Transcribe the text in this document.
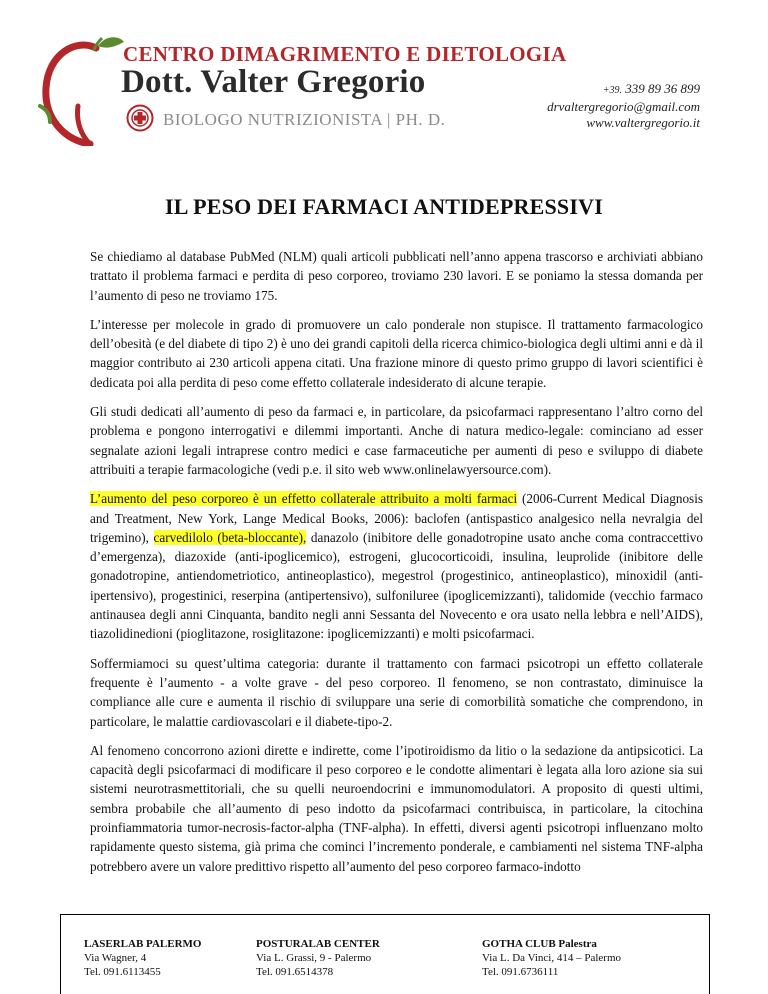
CENTRO DIMAGRIMENTO E DIETOLOGIA
Dott. Valter Gregorio
BIOLOGO NUTRIZIONISTA | PH. D.
+39. 339 89 36 899
drvaltergregorio@gmail.com
www.valtergregorio.it
IL PESO DEI FARMACI ANTIDEPRESSIVI

Se chiediamo al database PubMed (NLM) quali articoli pubblicati nell’anno appena trascorso e archiviati abbiano trattato il problema farmaci e perdita di peso corporeo, troviamo 230 lavori. E se poniamo la stessa domanda per l’aumento di peso ne troviamo 175.

L’interesse per molecole in grado di promuovere un calo ponderale non stupisce. Il trattamento farmacologico dell’obesità (e del diabete di tipo 2) è uno dei grandi capitoli della ricerca chimico-biologica degli ultimi anni e dà il maggior contributo ai 230 articoli appena citati. Una frazione minore di questo primo gruppo di lavori scientifici è dedicata poi alla perdita di peso come effetto collaterale indesiderato di alcune terapie.

Gli studi dedicati all’aumento di peso da farmaci e, in particolare, da psicofarmaci rappresentano l’altro corno del problema e pongono interrogativi e dilemmi importanti. Anche di natura medico-legale: cominciano ad esser segnalate azioni legali intraprese contro medici e case farmaceutiche per aumenti di peso e sviluppo di diabete attribuiti a terapie farmacologiche (vedi p.e. il sito web www.onlinelawyersource.com).

L’aumento del peso corporeo è un effetto collaterale attribuito a molti farmaci (2006-Current Medical Diagnosis and Treatment, New York, Lange Medical Books, 2006): baclofen (antispastico analgesico nella nevralgia del trigemino), carvedilolo (beta-bloccante), danazolo (inibitore delle gonadotropine usato anche coma contraccettivo d’emergenza), diazoxide (anti-ipoglicemico), estrogeni, glucocorticoidi, insulina, leuprolide (inibitore delle gonadotropine, antiendometriotico, antineoplastico), megestrol (progestinico, antineoplastico), minoxidil (anti-ipertensivo), progestinici, reserpina (antipertensivo), sulfoniluree (ipoglicemizzanti), talidomide (vecchio farmaco antinausea degli anni Cinquanta, bandito negli anni Sessanta del Novecento e ora usato nella lebbra e nell’AIDS), tiazolidinedioni (pioglitazone, rosiglitazone: ipoglicemizzanti) e molti psicofarmaci.

Soffermiamoci su quest’ultima categoria: durante il trattamento con farmaci psicotropi un effetto collaterale frequente è l’aumento - a volte grave - del peso corporeo. Il fenomeno, se non contrastato, diminuisce la compliance alle cure e aumenta il rischio di sviluppare una serie di comorbilità somatiche che comprendono, in particolare, le malattie cardiovascolari e il diabete-tipo-2.

Al fenomeno concorrono azioni dirette e indirette, come l’ipotiroidismo da litio o la sedazione da antipsicotici. La capacità degli psicofarmaci di modificare il peso corporeo e le condotte alimentari è legata alla loro azione sia sui sistemi neurotrasmettitoriali, che su quelli neuroendocrini e immunomodulatori. A proposito di questi ultimi, sembra probabile che all’aumento di peso indotto da psicofarmaci contribuisca, in particolare, la citochina proinfiammatoria tumor-necrosis-factor-alpha (TNF-alpha). In effetti, diversi agenti psicotropi influenzano molto rapidamente questo sistema, già prima che cominci l’incremento ponderale, e cambiamenti nel sistema TNF-alpha potrebbero avere un valore predittivo rispetto all’aumento del peso corporeo farmaco-indotto

LASERLAB PALERMO
Via Wagner, 4
Tel. 091.6113455
POSTURALAB CENTER
Via L. Grassi, 9 - Palermo
Tel. 091.6514378
GOTHA CLUB Palestra
Via L. Da Vinci, 414 – Palermo
Tel. 091.6736111
